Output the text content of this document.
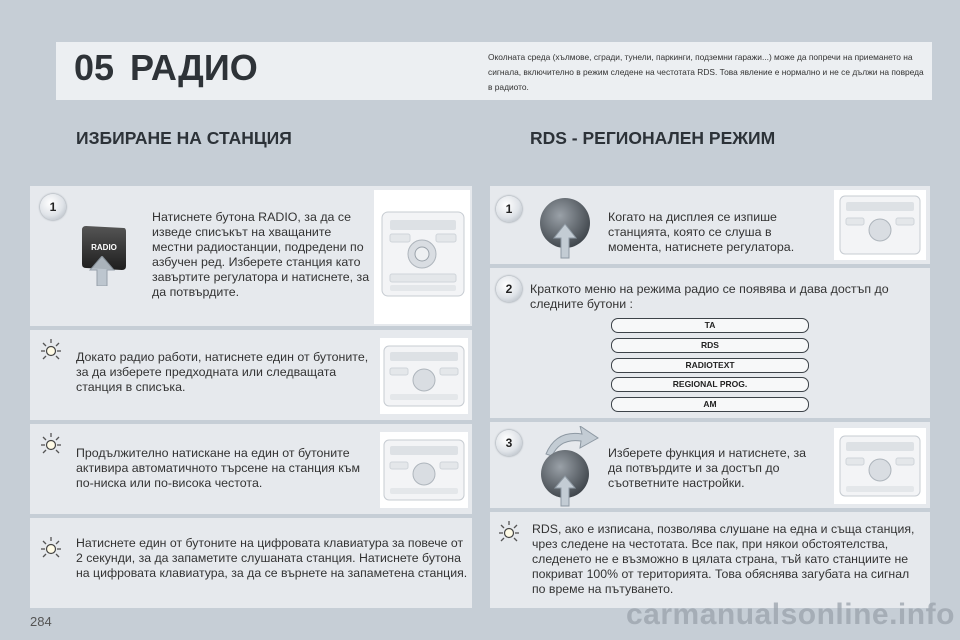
05 РАДИО	Околната среда (хълмове, сгради, тунели, паркинги, подземни гаражи...) може да попречи на приемането на сигнала, включително в режим следене на честотата RDS. Това явление е нормално и не се дължи на повреда в радиото.
ИЗБИРАНЕ НА СТАНЦИЯ	RDS - РЕГИОНАЛЕН РЕЖИМ
1
RADIO
Натиснете бутона RADIO, за да се изведе списъкът на хващаните местни радиостанции, подредени по азбучен ред. Изберете станция като завъртите регулатора и натиснете, за да потвърдите.
Докато радио работи, натиснете един от бутоните, за да изберете предходната или следващата станция в списъка.
Продължително натискане на един от бутоните активира автоматичното търсене на станция към по-ниска или по-висока честота.
Натиснете един от бутоните на цифровата клавиатура за повече от 2 секунди, за да запаметите слушаната станция. Натиснете бутона на цифровата клавиатура, за да се върнете на запаметена станция.
1
Когато на дисплея се изпише станцията, която се слуша в момента, натиснете регулатора.
2	Краткото меню на режима радио се появява и дава достъп до следните бутони :
TA
RDS
RADIOTEXT
REGIONAL PROG.
AM
3
Изберете функция и натиснете, за да потвърдите и за достъп до съответните настройки.
RDS, ако е изписана, позволява слушане на една и съща станция, чрез следене на честотата. Все пак, при някои обстоятелства, следенето не е възможно в цялата страна, тъй като станциите не покриват 100% от територията. Това обяснява загубата на сигнал по време на пътуването.
284	carmanualsonline.info
